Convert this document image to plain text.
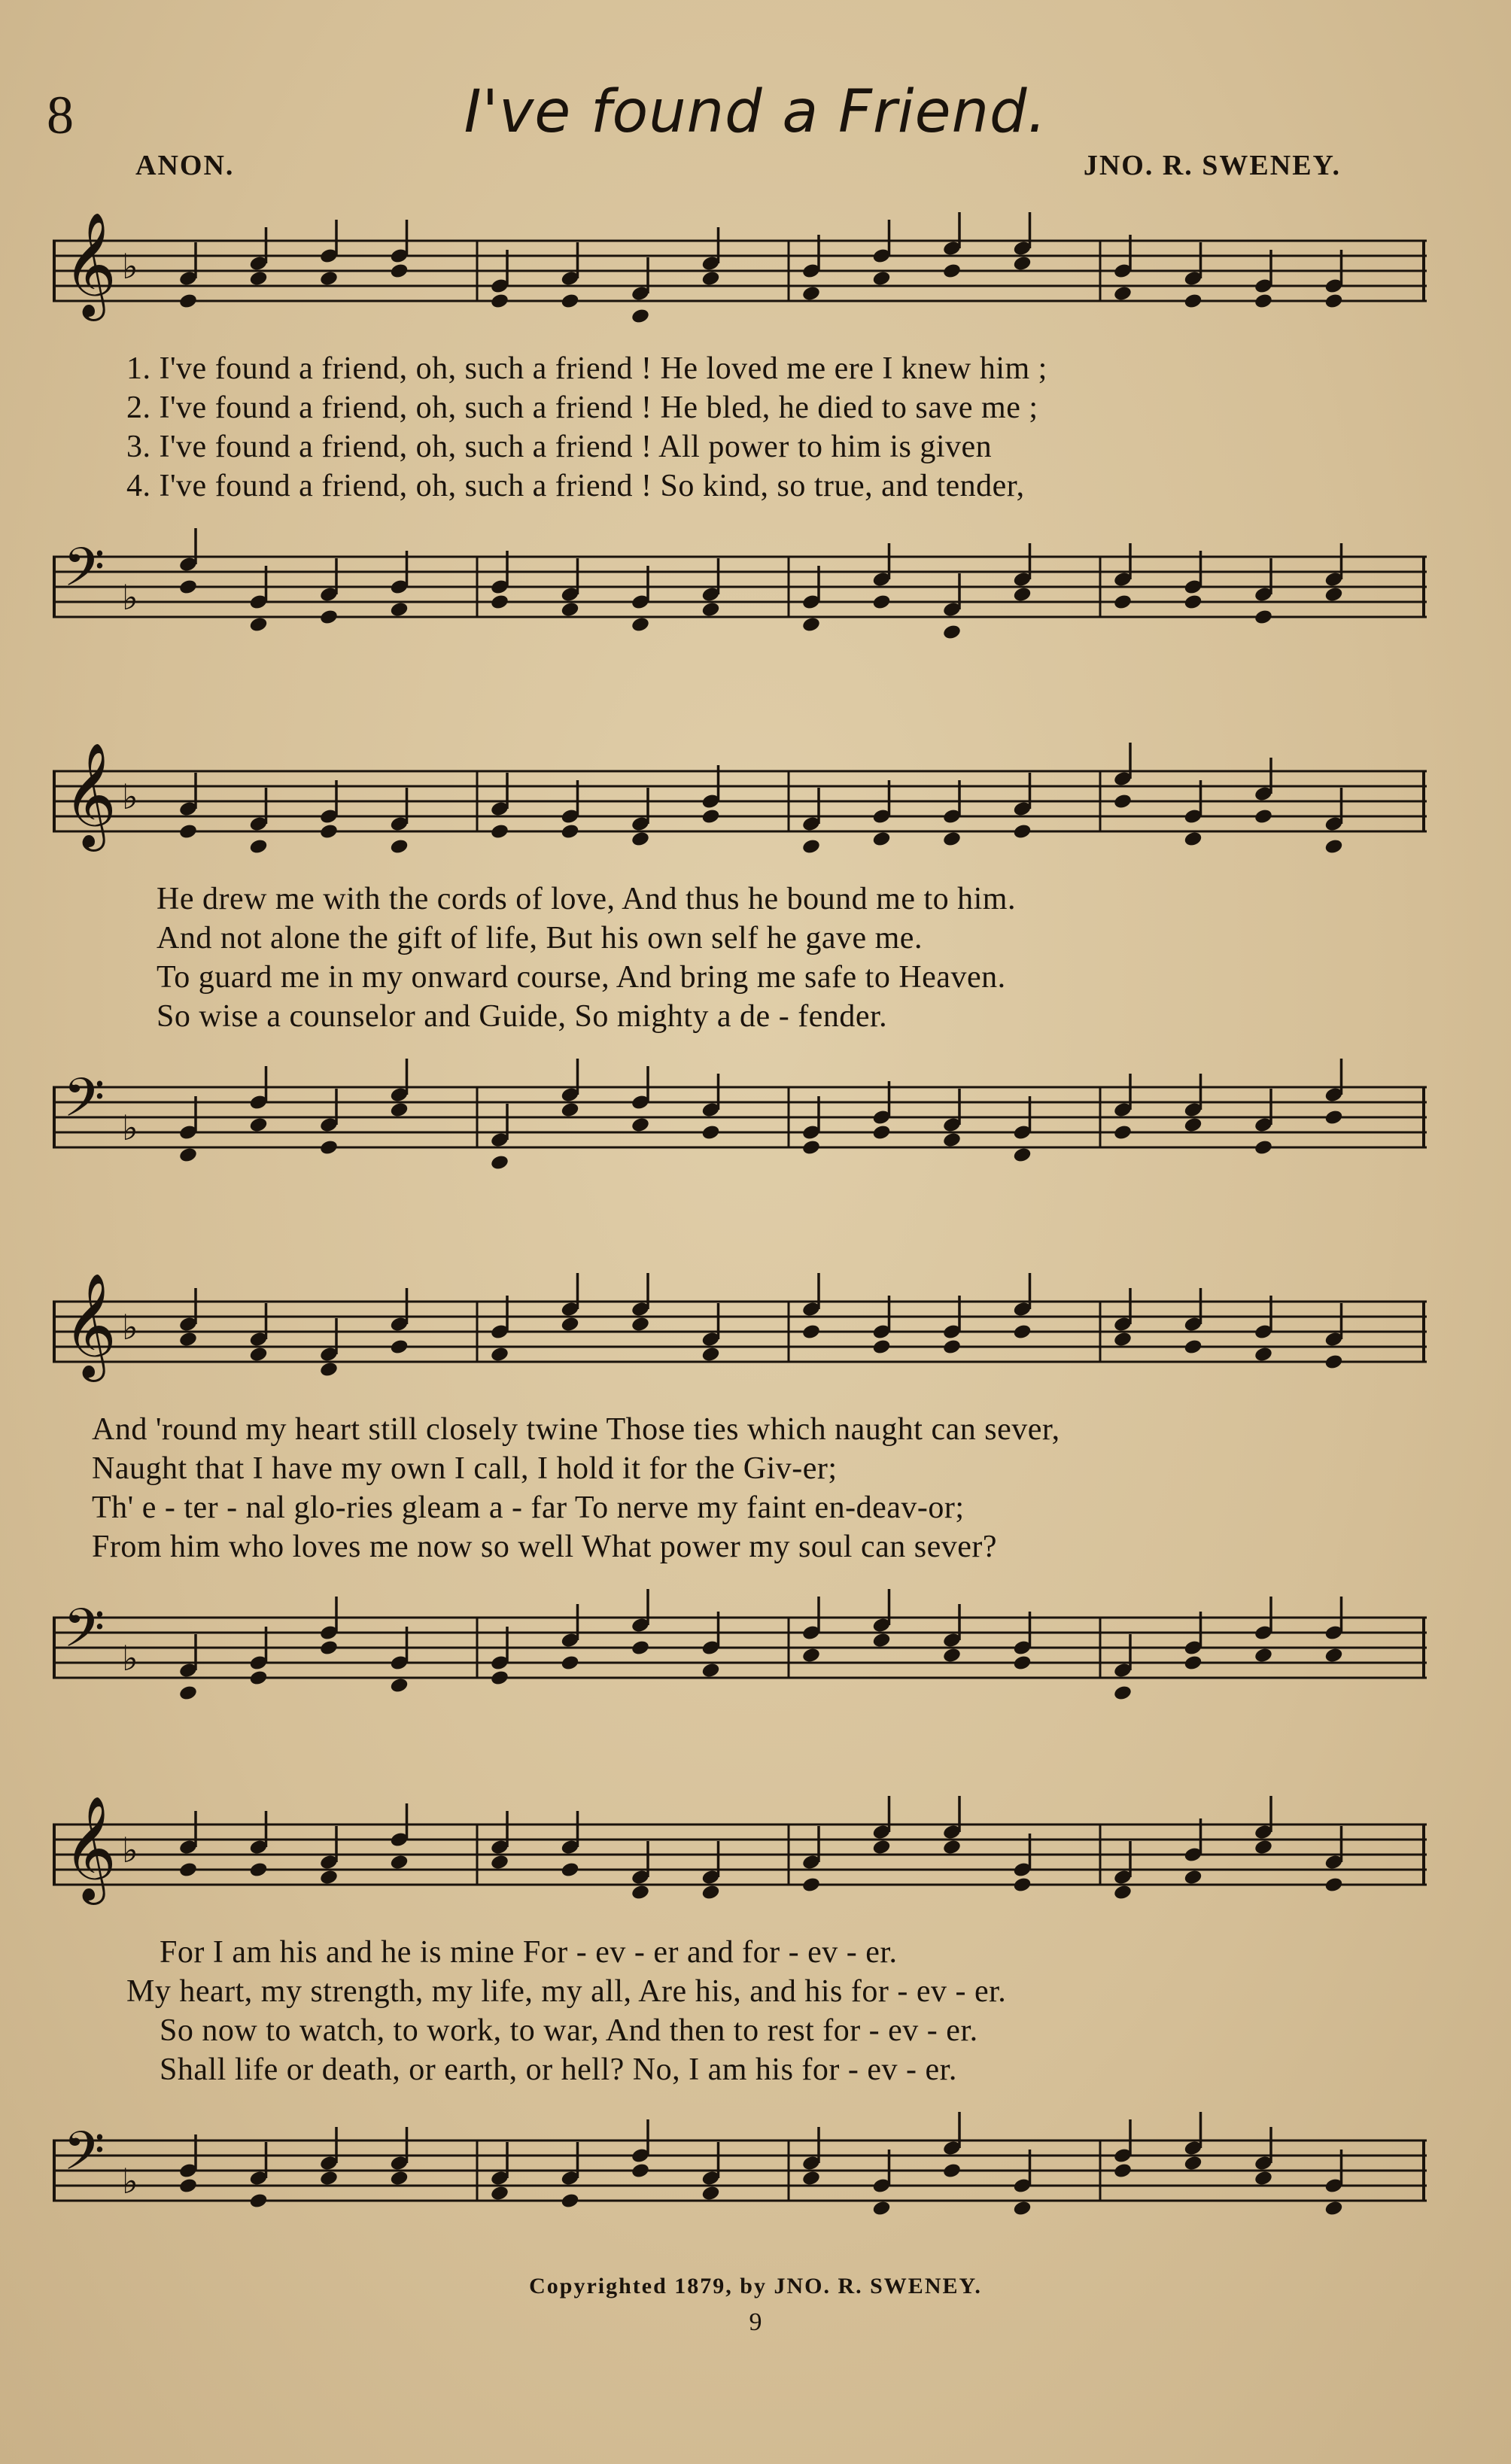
8	I've found a Friend.
ANON.	JNO. R. SWENEY.
𝄞 ♭
1. I've found a friend, oh, such a friend ! He loved me ere I knew him ;
2. I've found a friend, oh, such a friend ! He bled, he died to save me ;
3. I've found a friend, oh, such a friend ! All power to him is given
4. I've found a friend, oh, such a friend ! So kind, so true, and tender,
𝄢 ♭
𝄞 ♭
He drew me with the cords of love, And thus he bound me to him.
And not alone the gift of life, But his own self he gave me.
To guard me in my onward course, And bring me safe to Heaven.
So wise a counselor and Guide, So mighty a de - fender.
𝄢 ♭
𝄞 ♭
And 'round my heart still closely twine Those ties which naught can sever,
Naught that I have my own I call, I hold it for the Giv-er;
Th' e - ter - nal glo-ries gleam a - far To nerve my faint en-deav-or;
From him who loves me now so well What power my soul can sever?
𝄢 ♭
𝄞 ♭
For I am his and he is mine For - ev - er and for - ev - er.
My heart, my strength, my life, my all, Are his, and his for - ev - er.
So now to watch, to work, to war, And then to rest for - ev - er.
Shall life or death, or earth, or hell? No, I am his for - ev - er.
𝄢 ♭
Copyrighted 1879, by JNO. R. SWENEY.
9
